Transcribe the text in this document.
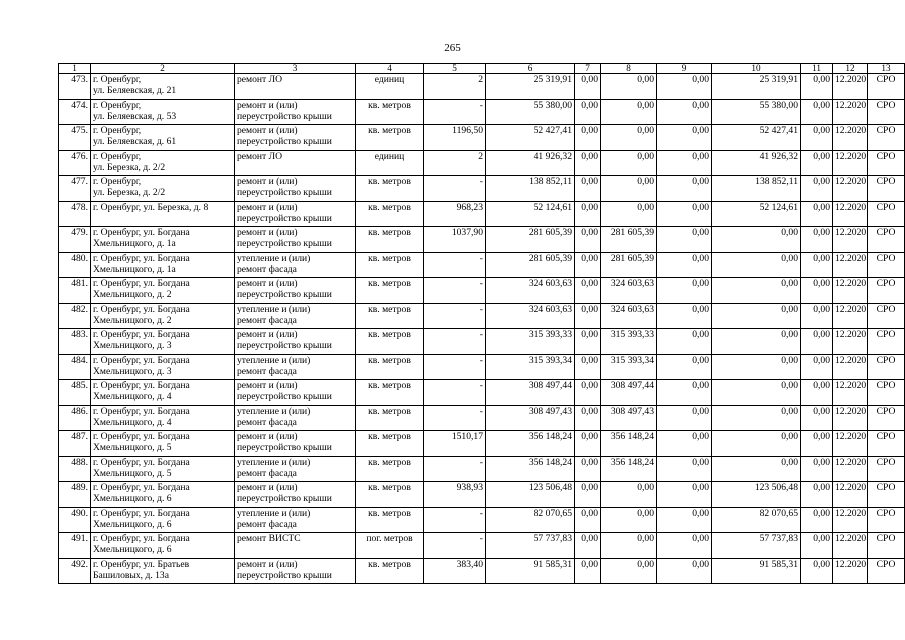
265
1	2	3	4	5	6	7	8	9	10	11	12	13
473.	г. Оренбург,
ул. Беляевская, д. 21	ремонт ЛО	единиц	2	25 319,91	0,00	0,00	0,00	25 319,91	0,00	12.2020	СРО
474.	г. Оренбург,
ул. Беляевская, д. 53	ремонт и (или)
переустройство крыши	кв. метров	-	55 380,00	0,00	0,00	0,00	55 380,00	0,00	12.2020	СРО
475.	г. Оренбург,
ул. Беляевская, д. 61	ремонт и (или)
переустройство крыши	кв. метров	1196,50	52 427,41	0,00	0,00	0,00	52 427,41	0,00	12.2020	СРО
476.	г. Оренбург,
ул. Березка, д. 2/2	ремонт ЛО	единиц	2	41 926,32	0,00	0,00	0,00	41 926,32	0,00	12.2020	СРО
477.	г. Оренбург,
ул. Березка, д. 2/2	ремонт и (или)
переустройство крыши	кв. метров	-	138 852,11	0,00	0,00	0,00	138 852,11	0,00	12.2020	СРО
478.	г. Оренбург, ул. Березка, д. 8	ремонт и (или)
переустройство крыши	кв. метров	968,23	52 124,61	0,00	0,00	0,00	52 124,61	0,00	12.2020	СРО
479.	г. Оренбург, ул. Богдана
Хмельницкого, д. 1а	ремонт и (или)
переустройство крыши	кв. метров	1037,90	281 605,39	0,00	281 605,39	0,00	0,00	0,00	12.2020	СРО
480.	г. Оренбург, ул. Богдана
Хмельницкого, д. 1а	утепление и (или)
ремонт фасада	кв. метров	-	281 605,39	0,00	281 605,39	0,00	0,00	0,00	12.2020	СРО
481.	г. Оренбург, ул. Богдана
Хмельницкого, д. 2	ремонт и (или)
переустройство крыши	кв. метров	-	324 603,63	0,00	324 603,63	0,00	0,00	0,00	12.2020	СРО
482.	г. Оренбург, ул. Богдана
Хмельницкого, д. 2	утепление и (или)
ремонт фасада	кв. метров	-	324 603,63	0,00	324 603,63	0,00	0,00	0,00	12.2020	СРО
483.	г. Оренбург, ул. Богдана
Хмельницкого, д. 3	ремонт и (или)
переустройство крыши	кв. метров	-	315 393,33	0,00	315 393,33	0,00	0,00	0,00	12.2020	СРО
484.	г. Оренбург, ул. Богдана
Хмельницкого, д. 3	утепление и (или)
ремонт фасада	кв. метров	-	315 393,34	0,00	315 393,34	0,00	0,00	0,00	12.2020	СРО
485.	г. Оренбург, ул. Богдана
Хмельницкого, д. 4	ремонт и (или)
переустройство крыши	кв. метров	-	308 497,44	0,00	308 497,44	0,00	0,00	0,00	12.2020	СРО
486.	г. Оренбург, ул. Богдана
Хмельницкого, д. 4	утепление и (или)
ремонт фасада	кв. метров	-	308 497,43	0,00	308 497,43	0,00	0,00	0,00	12.2020	СРО
487.	г. Оренбург, ул. Богдана
Хмельницкого, д. 5	ремонт и (или)
переустройство крыши	кв. метров	1510,17	356 148,24	0,00	356 148,24	0,00	0,00	0,00	12.2020	СРО
488.	г. Оренбург, ул. Богдана
Хмельницкого, д. 5	утепление и (или)
ремонт фасада	кв. метров	-	356 148,24	0,00	356 148,24	0,00	0,00	0,00	12.2020	СРО
489.	г. Оренбург, ул. Богдана
Хмельницкого, д. 6	ремонт и (или)
переустройство крыши	кв. метров	938,93	123 506,48	0,00	0,00	0,00	123 506,48	0,00	12.2020	СРО
490.	г. Оренбург, ул. Богдана
Хмельницкого, д. 6	утепление и (или)
ремонт фасада	кв. метров	-	82 070,65	0,00	0,00	0,00	82 070,65	0,00	12.2020	СРО
491.	г. Оренбург, ул. Богдана
Хмельницкого, д. 6	ремонт ВИСТС	пог. метров	-	57 737,83	0,00	0,00	0,00	57 737,83	0,00	12.2020	СРО
492.	г. Оренбург, ул. Братьев
Башиловых, д. 13а	ремонт и (или)
переустройство крыши	кв. метров	383,40	91 585,31	0,00	0,00	0,00	91 585,31	0,00	12.2020	СРО
